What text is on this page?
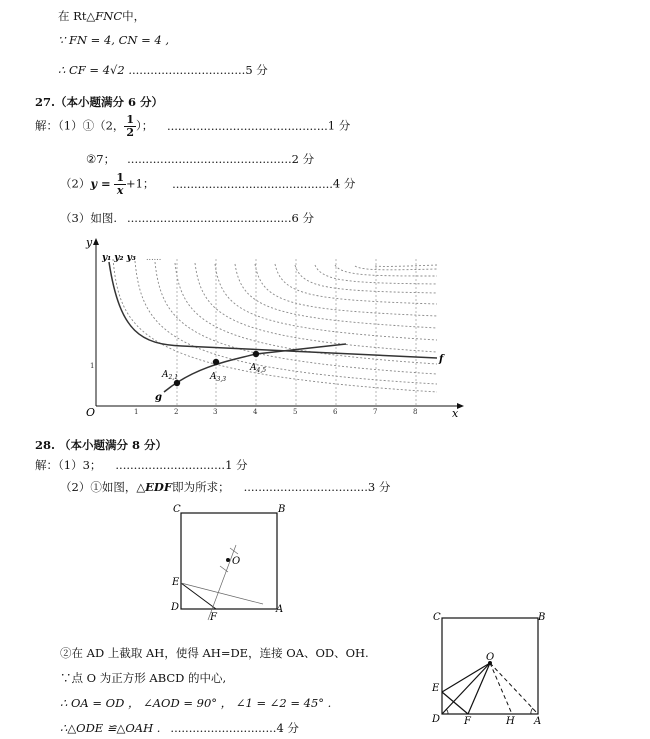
在 Rt△FNC中，
∵ FN = 4, CN = 4 ,
∴ CF = 4√2 ................................5 分
27.（本小题满分 6 分）
解：（1）①（2， $\frac{1}{2}$ ）； ............................................1 分
②7； .............................................2 分
$(2)y = \frac{1}{x} +1$； ............................................4 分
（3）如图. .............................................6 分
y
x
O
y₁ y₂ y₃ ......
1	2	3	4	5	6	7	8
1
f
g
$A_{2,1}$	$A_{3,3}$
$A_{4,5}$
28. （本小题满分 8 分）
解：（1）3； ..............................1 分
（2）①如图，△EDF即为所求； ..................................3 分
C	B
E
O
D
F
A
C	B
O
E
D F	H A
②在 AD 上截取 AH，使得 AH=DE，连接 OA、OD、OH.
∵点 O 为正方形 ABCD 的中心,
∴ OA = OD ， ∠AOD = 90° ， ∠1 = ∠2 = 45° .
∴△ODE ≌△OAH . .............................4 分
